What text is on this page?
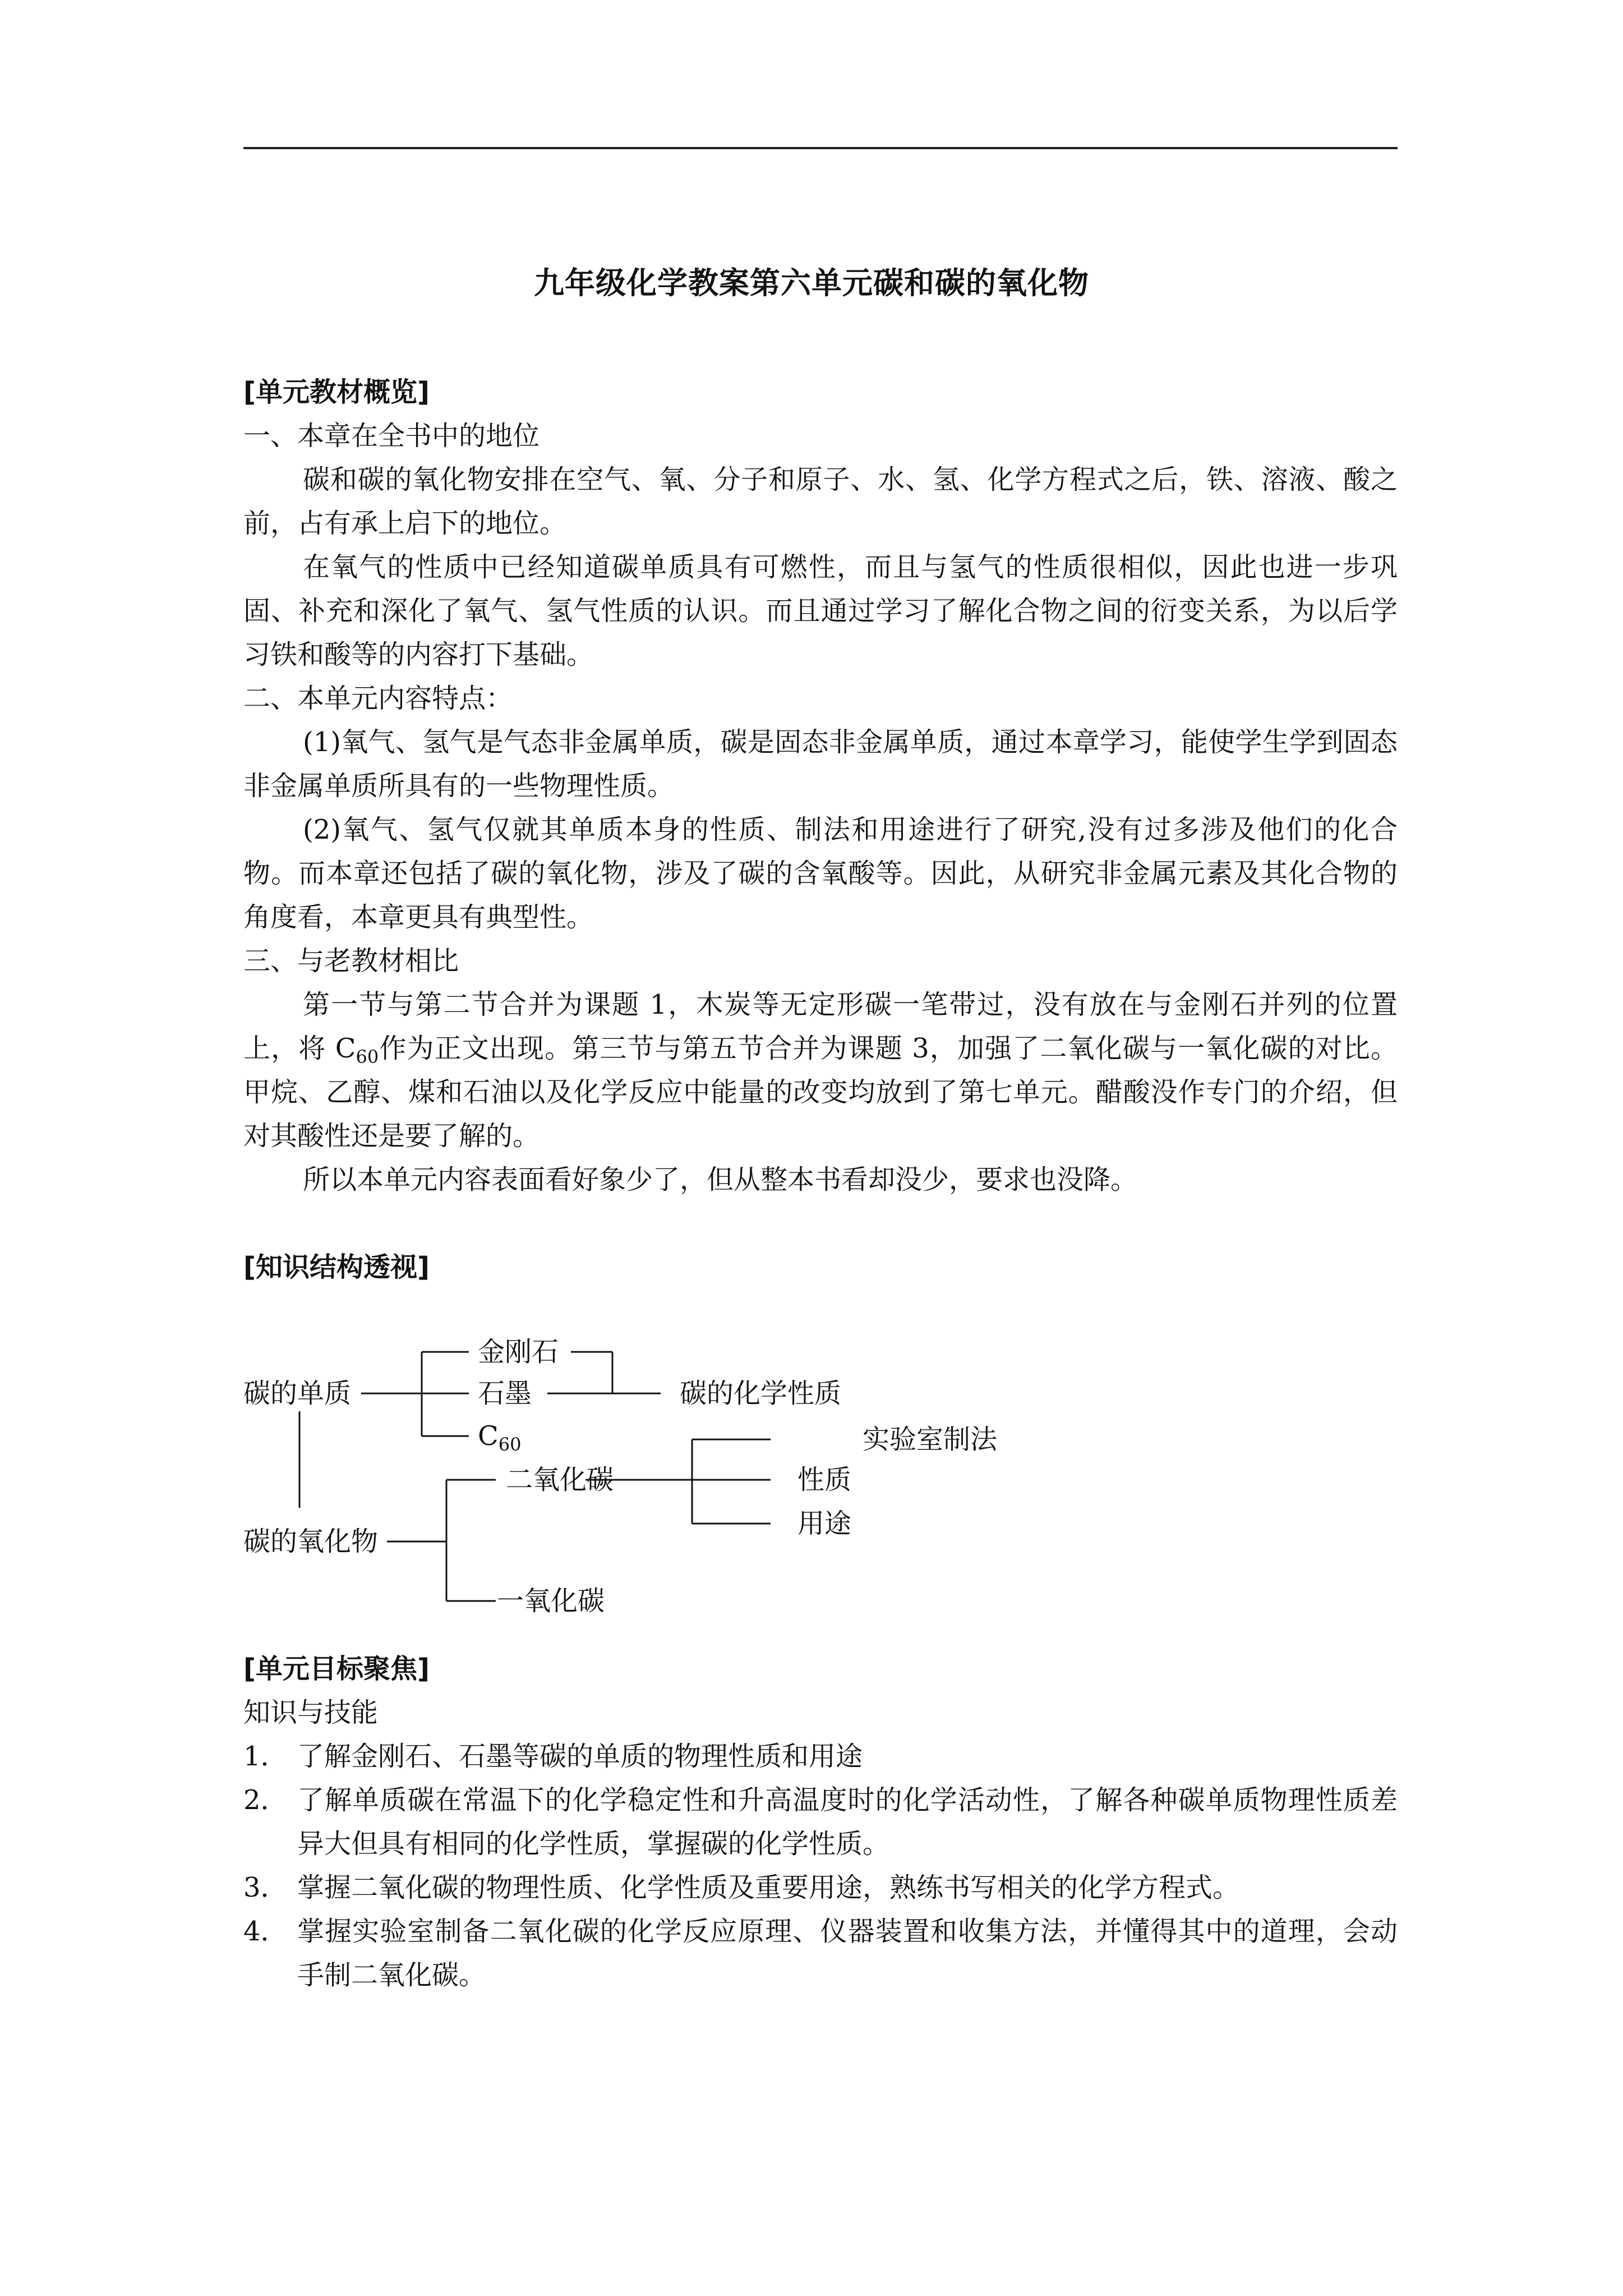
九年级化学教案第六单元碳和碳的氧化物

[单元教材概览]

一、本章在全书中的地位

碳和碳的氧化物安排在空气、氧、分子和原子、水、氢、化学方程式之后，铁、溶液、酸之前，占有承上启下的地位。

在氧气的性质中已经知道碳单质具有可燃性，而且与氢气的性质很相似，因此也进一步巩固、补充和深化了氧气、氢气性质的认识。而且通过学习了解化合物之间的衍变关系，为以后学习铁和酸等的内容打下基础。

二、本单元内容特点：

(1)氧气、氢气是气态非金属单质，碳是固态非金属单质，通过本章学习，能使学生学到固态非金属单质所具有的一些物理性质。

(2)氧气、氢气仅就其单质本身的性质、制法和用途进行了研究,没有过多涉及他们的化合物。而本章还包括了碳的氧化物，涉及了碳的含氧酸等。因此，从研究非金属元素及其化合物的角度看，本章更具有典型性。

三、与老教材相比

第一节与第二节合并为课题 1，木炭等无定形碳一笔带过，没有放在与金刚石并列的位置上，将 $C_{60}$作为正文出现。第三节与第五节合并为课题 3，加强了二氧化碳与一氧化碳的对比。甲烷、乙醇、煤和石油以及化学反应中能量的改变均放到了第七单元。醋酸没作专门的介绍，但对其酸性还是要了解的。

所以本单元内容表面看好象少了，但从整本书看却没少，要求也没降。

[知识结构透视]

碳的单质
金刚石
石墨
$C_{60}$
碳的化学性质
实验室制法
碳的氧化物
二氧化碳	性质
用途
一氧化碳

[单元目标聚焦]

知识与技能

1． 了解金刚石、石墨等碳的单质的物理性质和用途
2． 了解单质碳在常温下的化学稳定性和升高温度时的化学活动性，了解各种碳单质物理性质差异大但具有相同的化学性质，掌握碳的化学性质。
3． 掌握二氧化碳的物理性质、化学性质及重要用途，熟练书写相关的化学方程式。
4． 掌握实验室制备二氧化碳的化学反应原理、仪器装置和收集方法，并懂得其中的道理，会动手制二氧化碳。
